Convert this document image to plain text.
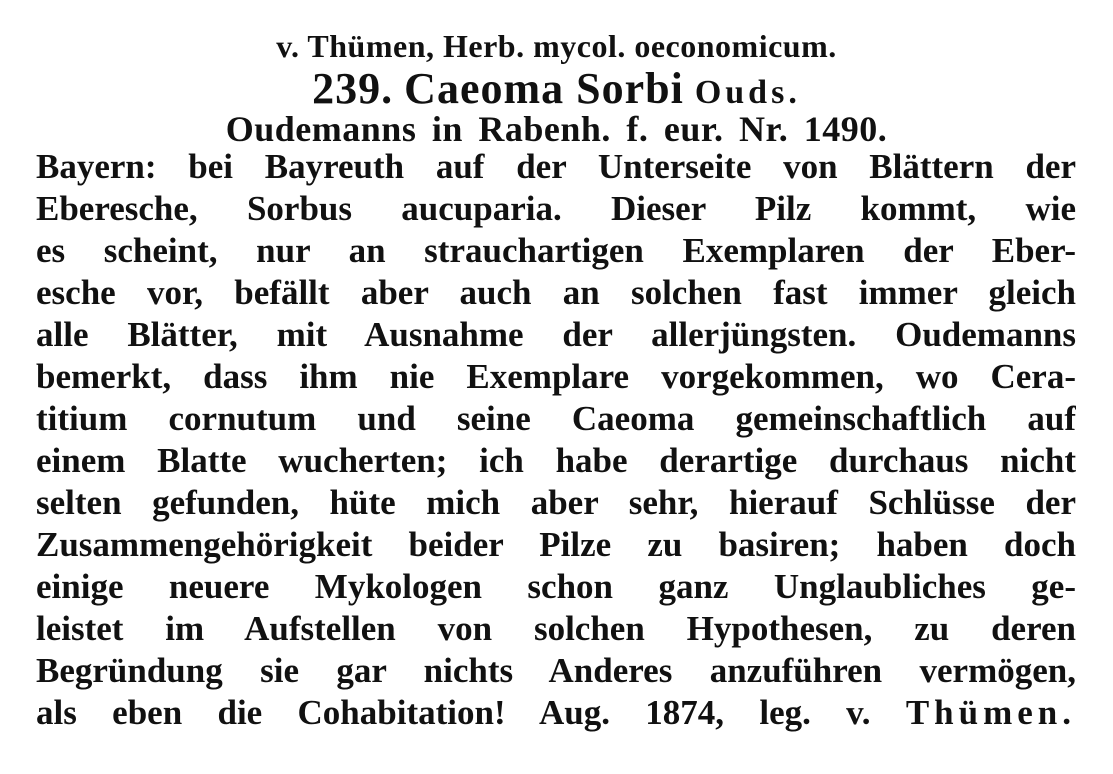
v. Thümen, Herb. mycol. oeconomicum.
239. Caeoma Sorbi Ouds.
Oudemanns in Rabenh. f. eur. Nr. 1490.
Bayern: bei Bayreuth auf der Unterseite von Blättern der
Eberesche, Sorbus aucuparia. Dieser Pilz kommt, wie
es scheint, nur an strauchartigen Exemplaren der Eber-
esche vor, befällt aber auch an solchen fast immer gleich
alle Blätter, mit Ausnahme der allerjüngsten. Oudemanns
bemerkt, dass ihm nie Exemplare vorgekommen, wo Cera-
titium cornutum und seine Caeoma gemeinschaftlich auf
einem Blatte wucherten; ich habe derartige durchaus nicht
selten gefunden, hüte mich aber sehr, hierauf Schlüsse der
Zusammengehörigkeit beider Pilze zu basiren; haben doch
einige neuere Mykologen schon ganz Unglaubliches ge-
leistet im Aufstellen von solchen Hypothesen, zu deren
Begründung sie gar nichts Anderes anzuführen vermögen,
als eben die Cohabitation! Aug. 1874, leg. v. Thümen.
